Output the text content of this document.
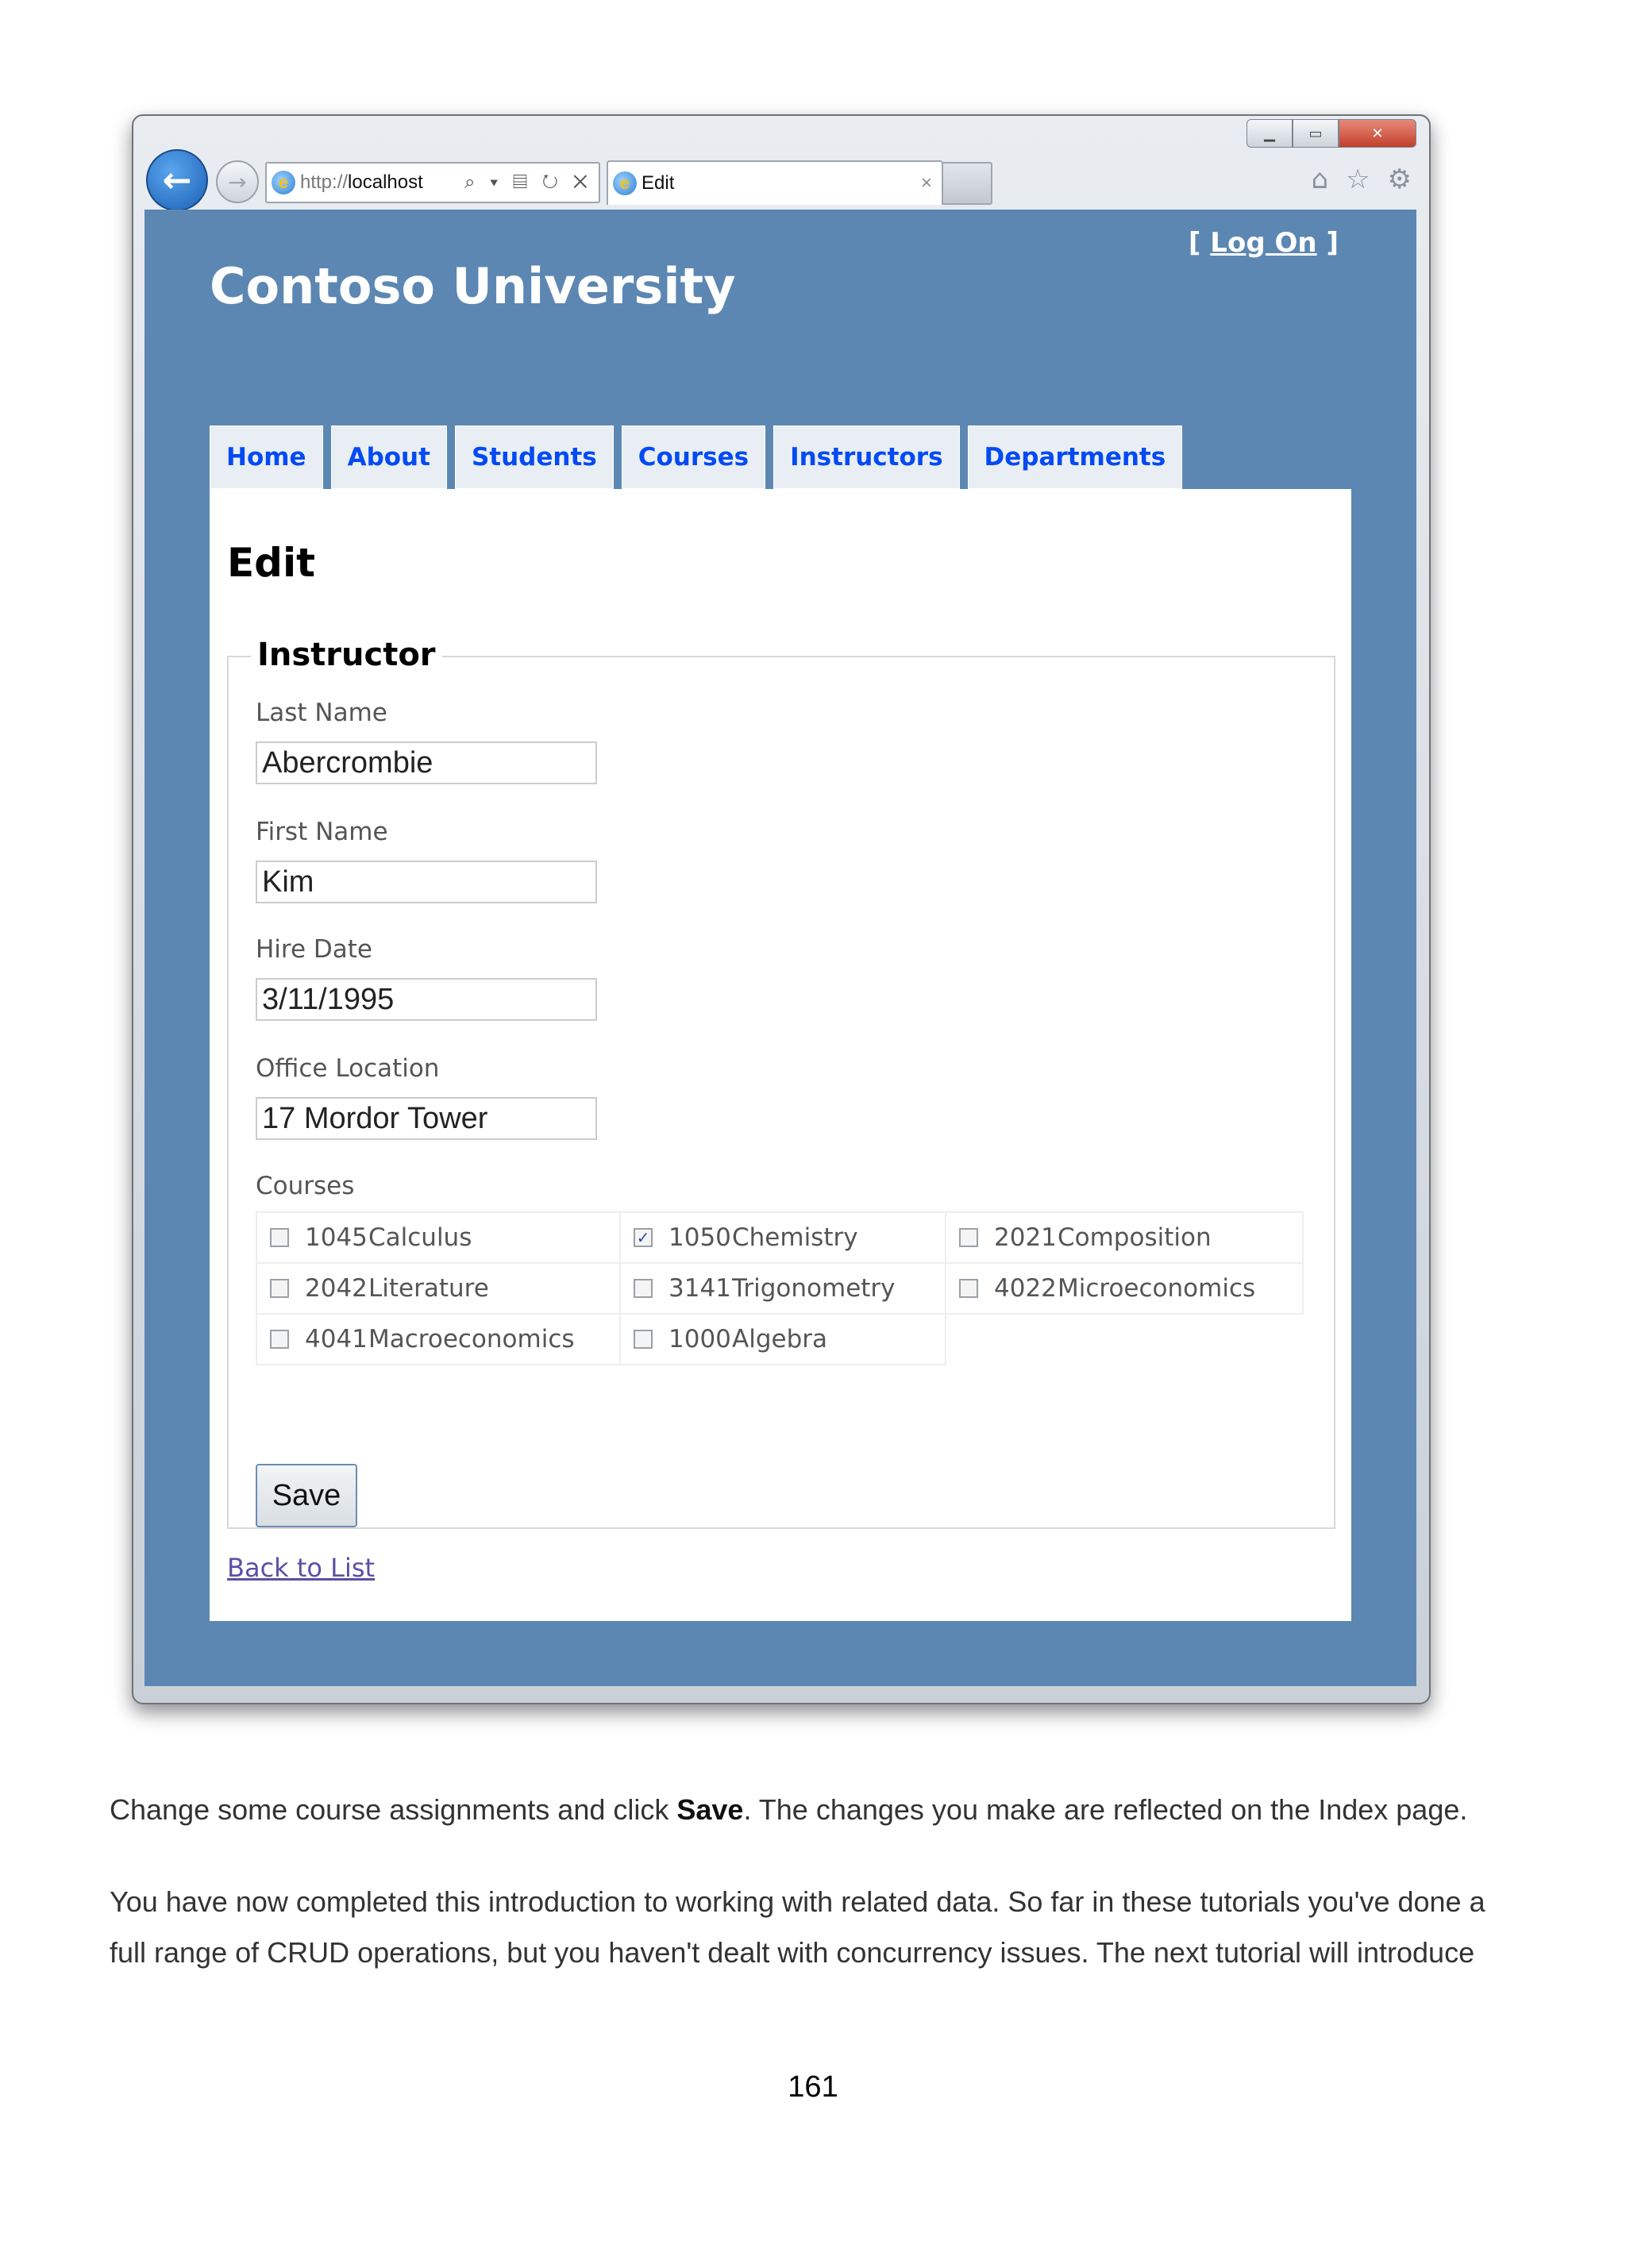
▁	▭	✕
←	→	e http:// localhost ⌕ ▾ ▤ ↻ ✕	e Edit	×	⌂ ☆ ⚙
Contoso University
[ Log On ]
Home	About	Students	Courses	Instructors	Departments
Edit
Instructor
Last Name
Abercrombie
First Name
Kim
Hire Date
3/11/1995
Office Location
17 Mordor Tower
Courses
1045 Calculus	✓ 1050 Chemistry	2021 Composition

2042 Literature	3141 Trigonometry	4022 Microeconomics

4041 Macroeconomics	1000 Algebra	

Save
Back to List
Change some course assignments and click Save. The changes you make are reflected on the Index page.
You have now completed this introduction to working with related data. So far in these tutorials you've done a
full range of CRUD operations, but you haven't dealt with concurrency issues. The next tutorial will introduce
161
